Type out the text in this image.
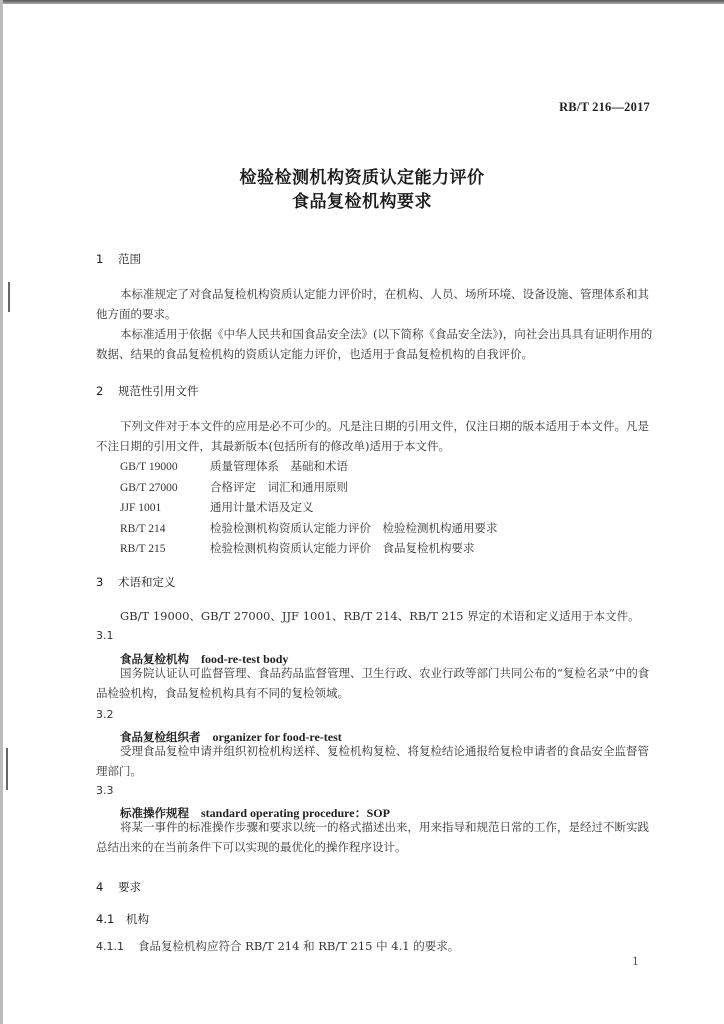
RB/T 216—2017
检验检测机构资质认定能力评价
食品复检机构要求
1 范围

本标准规定了对食品复检机构资质认定能力评价时，在机构、人员、场所环境、设备设施、管理体系和其他方面的要求。

本标准适用于依据《中华人民共和国食品安全法》(以下简称《食品安全法》)，向社会出具具有证明作用的数据、结果的食品复检机构的资质认定能力评价，也适用于食品复检机构的自我评价。

2 规范性引用文件

下列文件对于本文件的应用是必不可少的。凡是注日期的引用文件，仅注日期的版本适用于本文件。凡是不注日期的引用文件，其最新版本(包括所有的修改单)适用于本文件。

GB/T 19000	质量管理体系　基础和术语
GB/T 27000	合格评定　词汇和通用原则
JJF 1001	通用计量术语及定义
RB/T 214	检验检测机构资质认定能力评价　检验检测机构通用要求
RB/T 215	检验检测机构资质认定能力评价　食品复检机构要求
3 术语和定义

GB/T 19000、GB/T 27000、JJF 1001、RB/T 214、RB/T 215 界定的术语和定义适用于本文件。

3.1
食品复检机构 food-re-test body

国务院认证认可监督管理、食品药品监督管理、卫生行政、农业行政等部门共同公布的“复检名录”中的食品检验机构，食品复检机构具有不同的复检领域。

3.2
食品复检组织者 organizer for food-re-test

受理食品复检申请并组织初检机构送样、复检机构复检、将复检结论通报给复检申请者的食品安全监督管理部门。

3.3
标准操作规程 standard operating procedure：SOP

将某一事件的标准操作步骤和要求以统一的格式描述出来，用来指导和规范日常的工作，是经过不断实践总结出来的在当前条件下可以实现的最优化的操作程序设计。

4 要求
4.1 机构
4.1.1 食品复检机构应符合 RB/T 214 和 RB/T 215 中 4.1 的要求。
1
